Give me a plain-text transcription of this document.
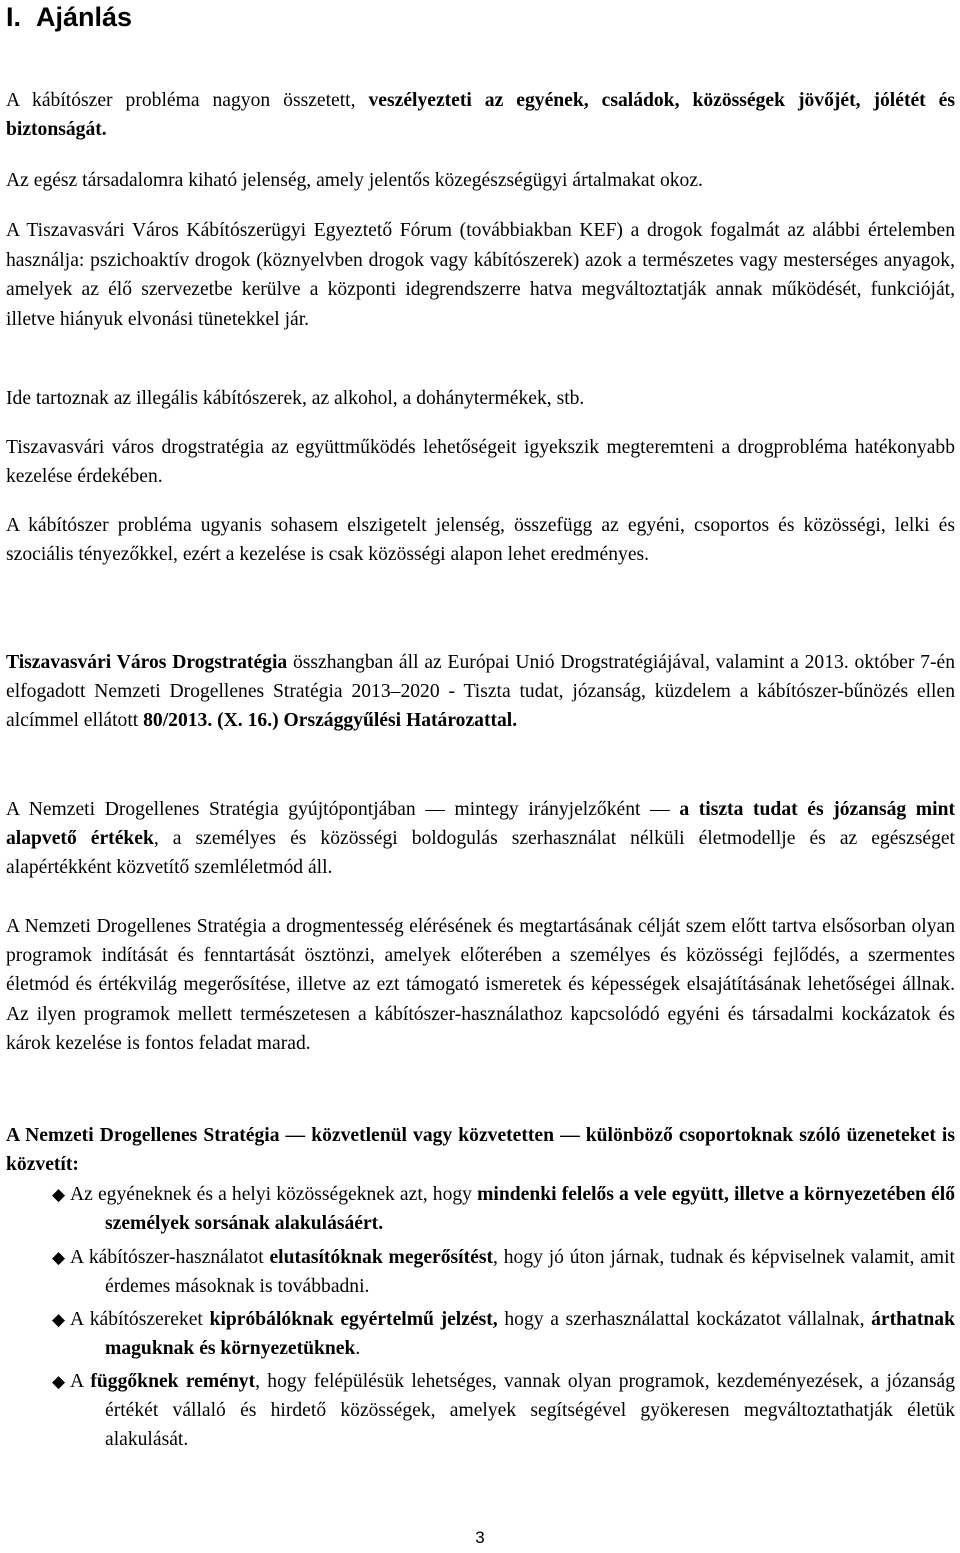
I. Ajánlás

A kábítószer probléma nagyon összetett, veszélyezteti az egyének, családok, közösségek jövőjét, jólétét és biztonságát.

Az egész társadalomra kiható jelenség, amely jelentős közegészségügyi ártalmakat okoz.

A Tiszavasvári Város Kábítószerügyi Egyeztető Fórum (továbbiakban KEF) a drogok fogalmát az alábbi értelemben használja: pszichoaktív drogok (köznyelvben drogok vagy kábítószerek) azok a természetes vagy mesterséges anyagok, amelyek az élő szervezetbe kerülve a központi idegrendszerre hatva megváltoztatják annak működését, funkcióját, illetve hiányuk elvonási tünetekkel jár.

Ide tartoznak az illegális kábítószerek, az alkohol, a dohánytermékek, stb.

Tiszavasvári város drogstratégia az együttműködés lehetőségeit igyekszik megteremteni a drogprobléma hatékonyabb kezelése érdekében.

A kábítószer probléma ugyanis sohasem elszigetelt jelenség, összefügg az egyéni, csoportos és közösségi, lelki és szociális tényezőkkel, ezért a kezelése is csak közösségi alapon lehet eredményes.

Tiszavasvári Város Drogstratégia összhangban áll az Európai Unió Drogstratégiájával, valamint a 2013. október 7-én elfogadott Nemzeti Drogellenes Stratégia 2013–2020 - Tiszta tudat, józanság, küzdelem a kábítószer-bűnözés ellen alcímmel ellátott 80/2013. (X. 16.) Országgyűlési Határozattal.

A Nemzeti Drogellenes Stratégia gyújtópontjában — mintegy irányjelzőként — a tiszta tudat és józanság mint alapvető értékek, a személyes és közösségi boldogulás szerhasználat nélküli életmodellje és az egészséget alapértékként közvetítő szemléletmód áll.

A Nemzeti Drogellenes Stratégia a drogmentesség elérésének és megtartásának célját szem előtt tartva elsősorban olyan programok indítását és fenntartását ösztönzi, amelyek előterében a személyes és közösségi fejlődés, a szermentes életmód és értékvilág megerősítése, illetve az ezt támogató ismeretek és képességek elsajátításának lehetőségei állnak. Az ilyen programok mellett természetesen a kábítószer-használathoz kapcsolódó egyéni és társadalmi kockázatok és károk kezelése is fontos feladat marad.

A Nemzeti Drogellenes Stratégia — közvetlenül vagy közvetetten — különböző csoportoknak szóló üzeneteket is közvetít:

◆ Az egyéneknek és a helyi közösségeknek azt, hogy mindenki felelős a vele együtt, illetve a környezetében élő személyek sorsának alakulásáért.

◆ A kábítószer-használatot elutasítóknak megerősítést, hogy jó úton járnak, tudnak és képviselnek valamit, amit érdemes másoknak is továbbadni.

◆ A kábítószereket kipróbálóknak egyértelmű jelzést, hogy a szerhasználattal kockázatot vállalnak, árthatnak maguknak és környezetüknek.

◆ A függőknek reményt, hogy felépülésük lehetséges, vannak olyan programok, kezdeményezések, a józanság értékét vállaló és hirdető közösségek, amelyek segítségével gyökeresen megváltoztathatják életük alakulását.

3
